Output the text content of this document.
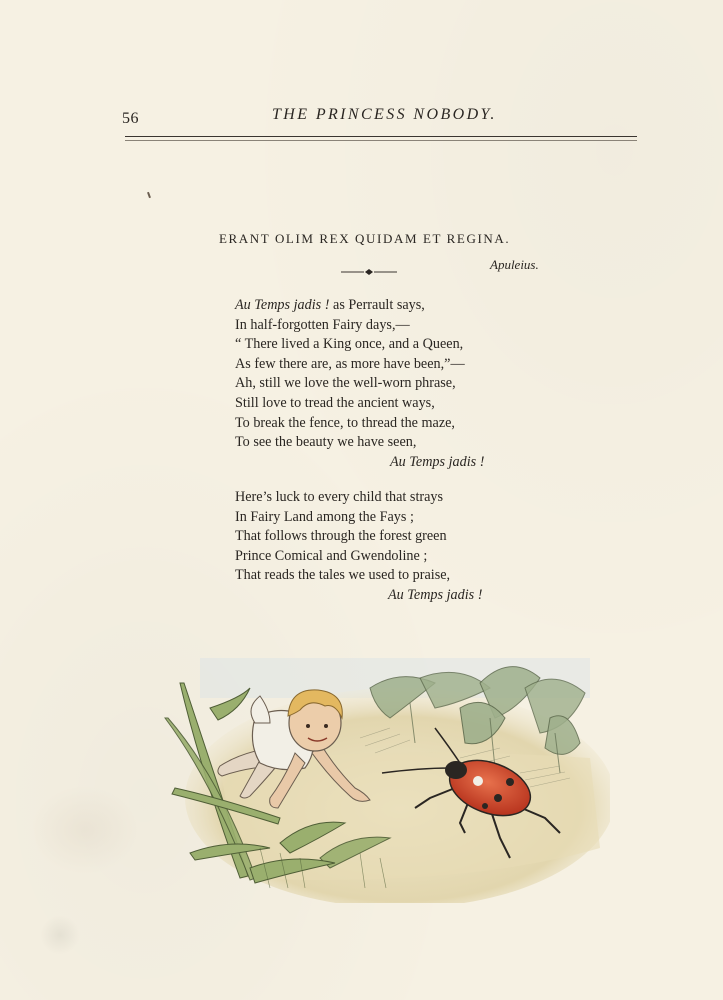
56	THE PRINCESS NOBODY.
ERANT OLIM REX QUIDAM ET REGINA.
Apuleius.
Au Temps jadis ! as Perrault says,
In half-forgotten Fairy days,—
“ There lived a King once, and a Queen,
As few there are, as more have been,”—
Ah, still we love the well-worn phrase,
Still love to tread the ancient ways,
To break the fence, to thread the maze,
To see the beauty we have seen,
Au Temps jadis !
Here’s luck to every child that strays
In Fairy Land among the Fays ;
That follows through the forest green
Prince Comical and Gwendoline ;
That reads the tales we used to praise,
Au Temps jadis !
